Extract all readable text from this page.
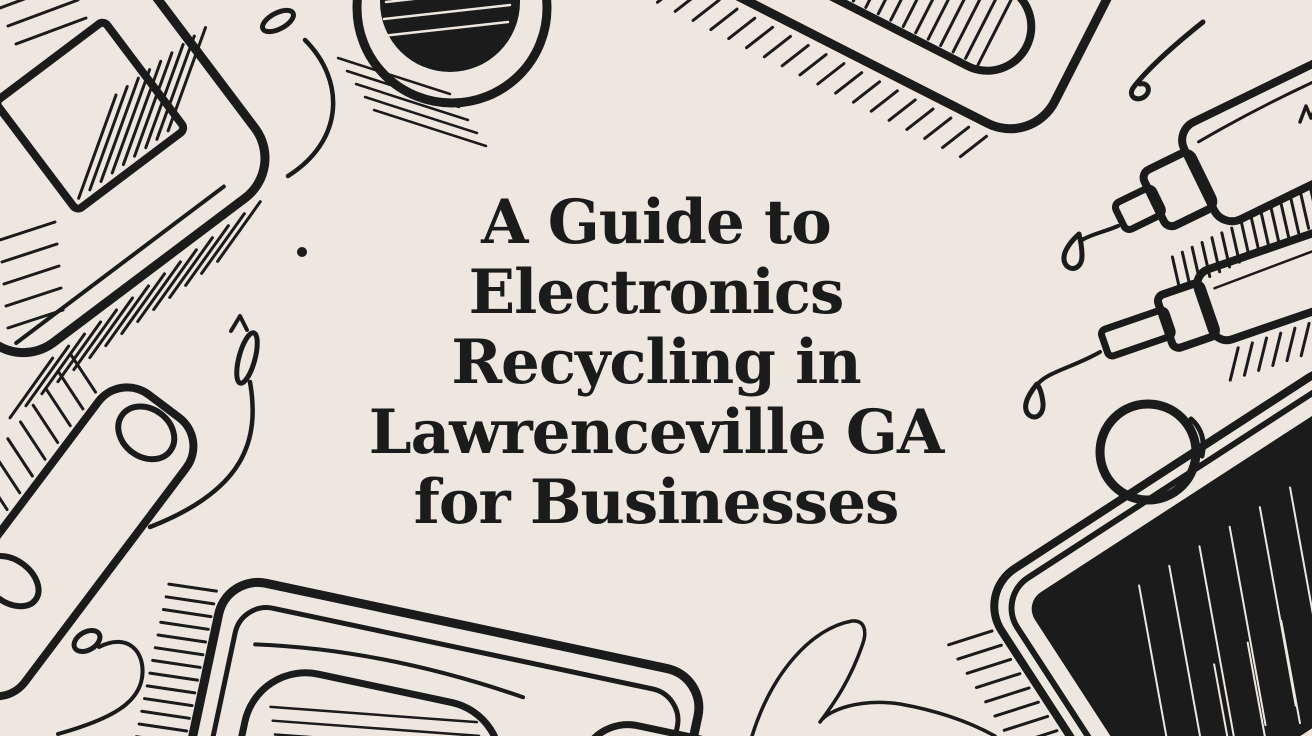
A Guide to
Electronics
Recycling in
Lawrenceville GA
for Businesses
